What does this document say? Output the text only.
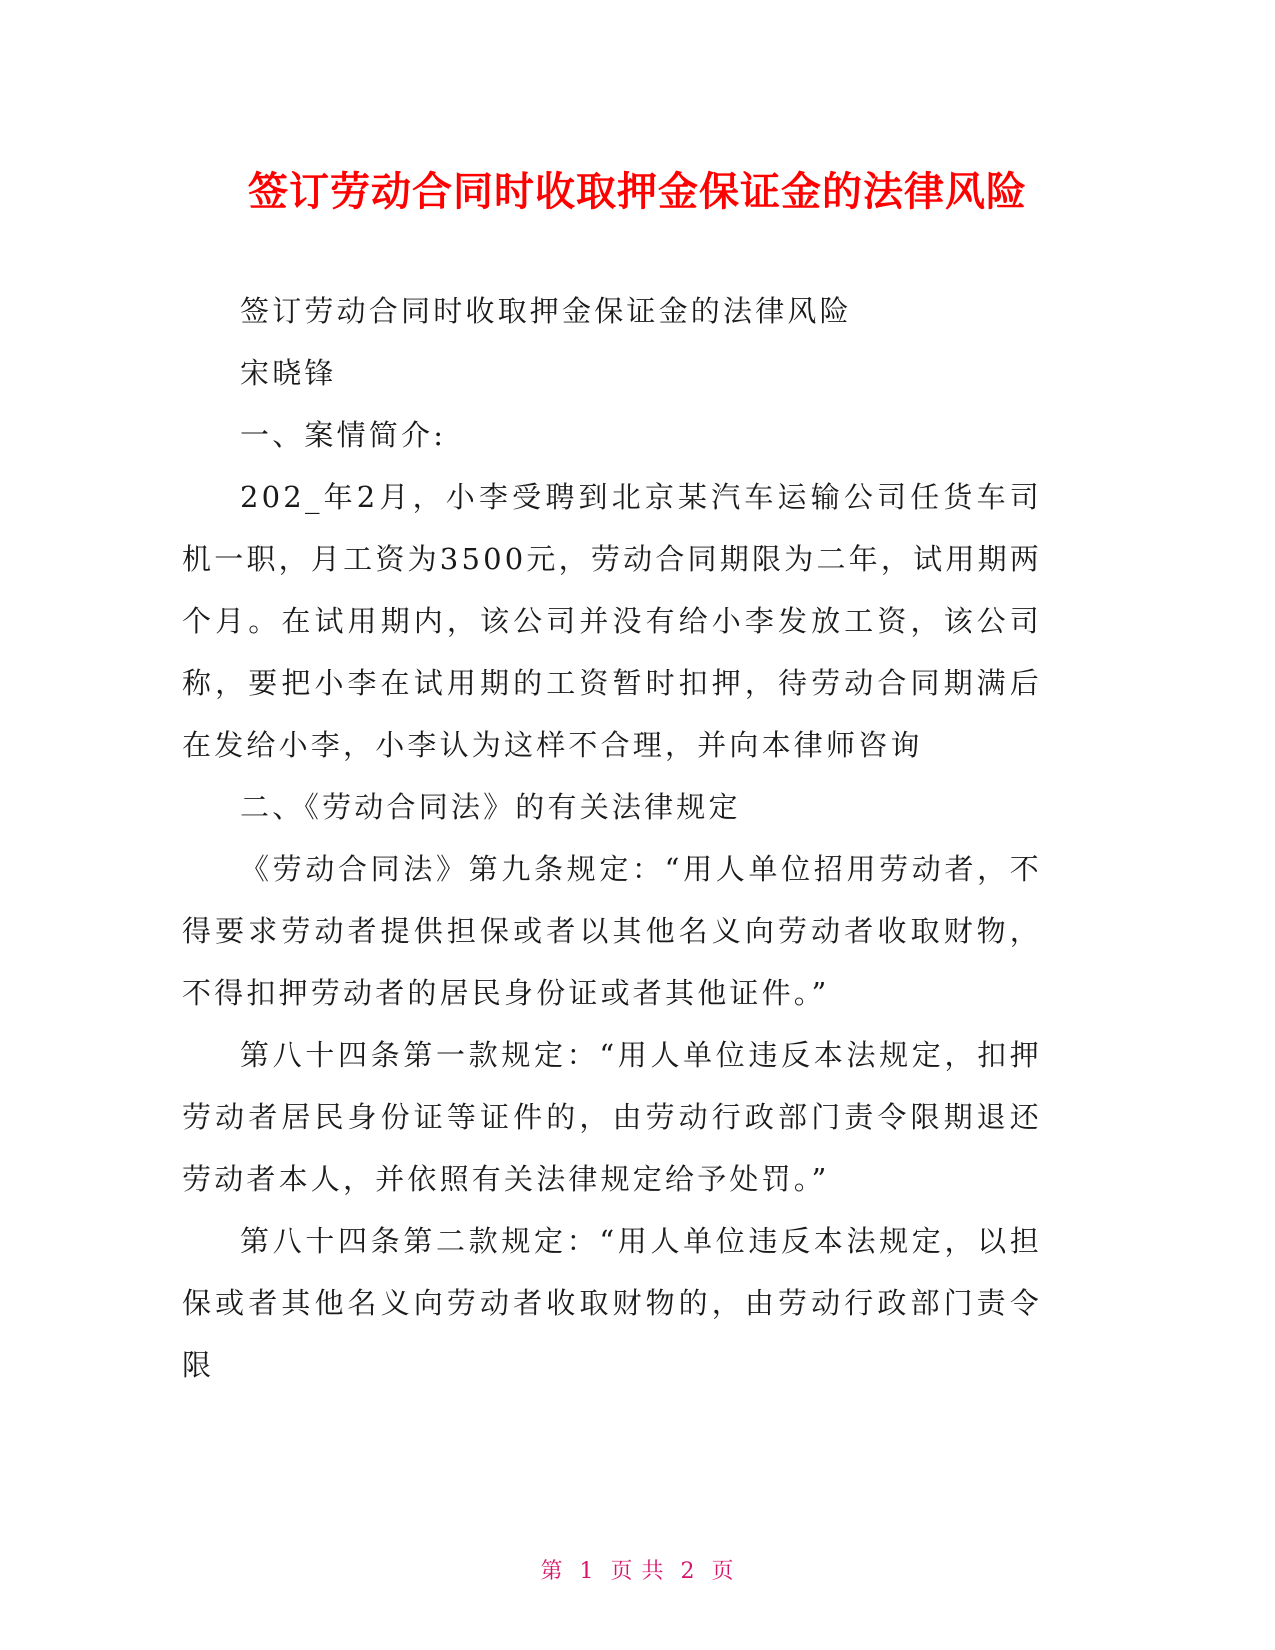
签订劳动合同时收取押金保证金的法律风险

签订劳动合同时收取押金保证金的法律风险

宋晓锋

一、案情简介:

202_年2月，小李受聘到北京某汽车运输公司任货车司机一职，月工资为3500元，劳动合同期限为二年，试用期两个月。在试用期内，该公司并没有给小李发放工资，该公司称，要把小李在试用期的工资暂时扣押，待劳动合同期满后在发给小李，小李认为这样不合理，并向本律师咨询

二、《劳动合同法》的有关法律规定

《劳动合同法》第九条规定：“用人单位招用劳动者，不得要求劳动者提供担保或者以其他名义向劳动者收取财物，不得扣押劳动者的居民身份证或者其他证件。”

第八十四条第一款规定：“用人单位违反本法规定，扣押劳动者居民身份证等证件的，由劳动行政部门责令限期退还劳动者本人，并依照有关法律规定给予处罚。”

第八十四条第二款规定：“用人单位违反本法规定，以担保或者其他名义向劳动者收取财物的，由劳动行政部门责令限

第 1 页 共 2 页
